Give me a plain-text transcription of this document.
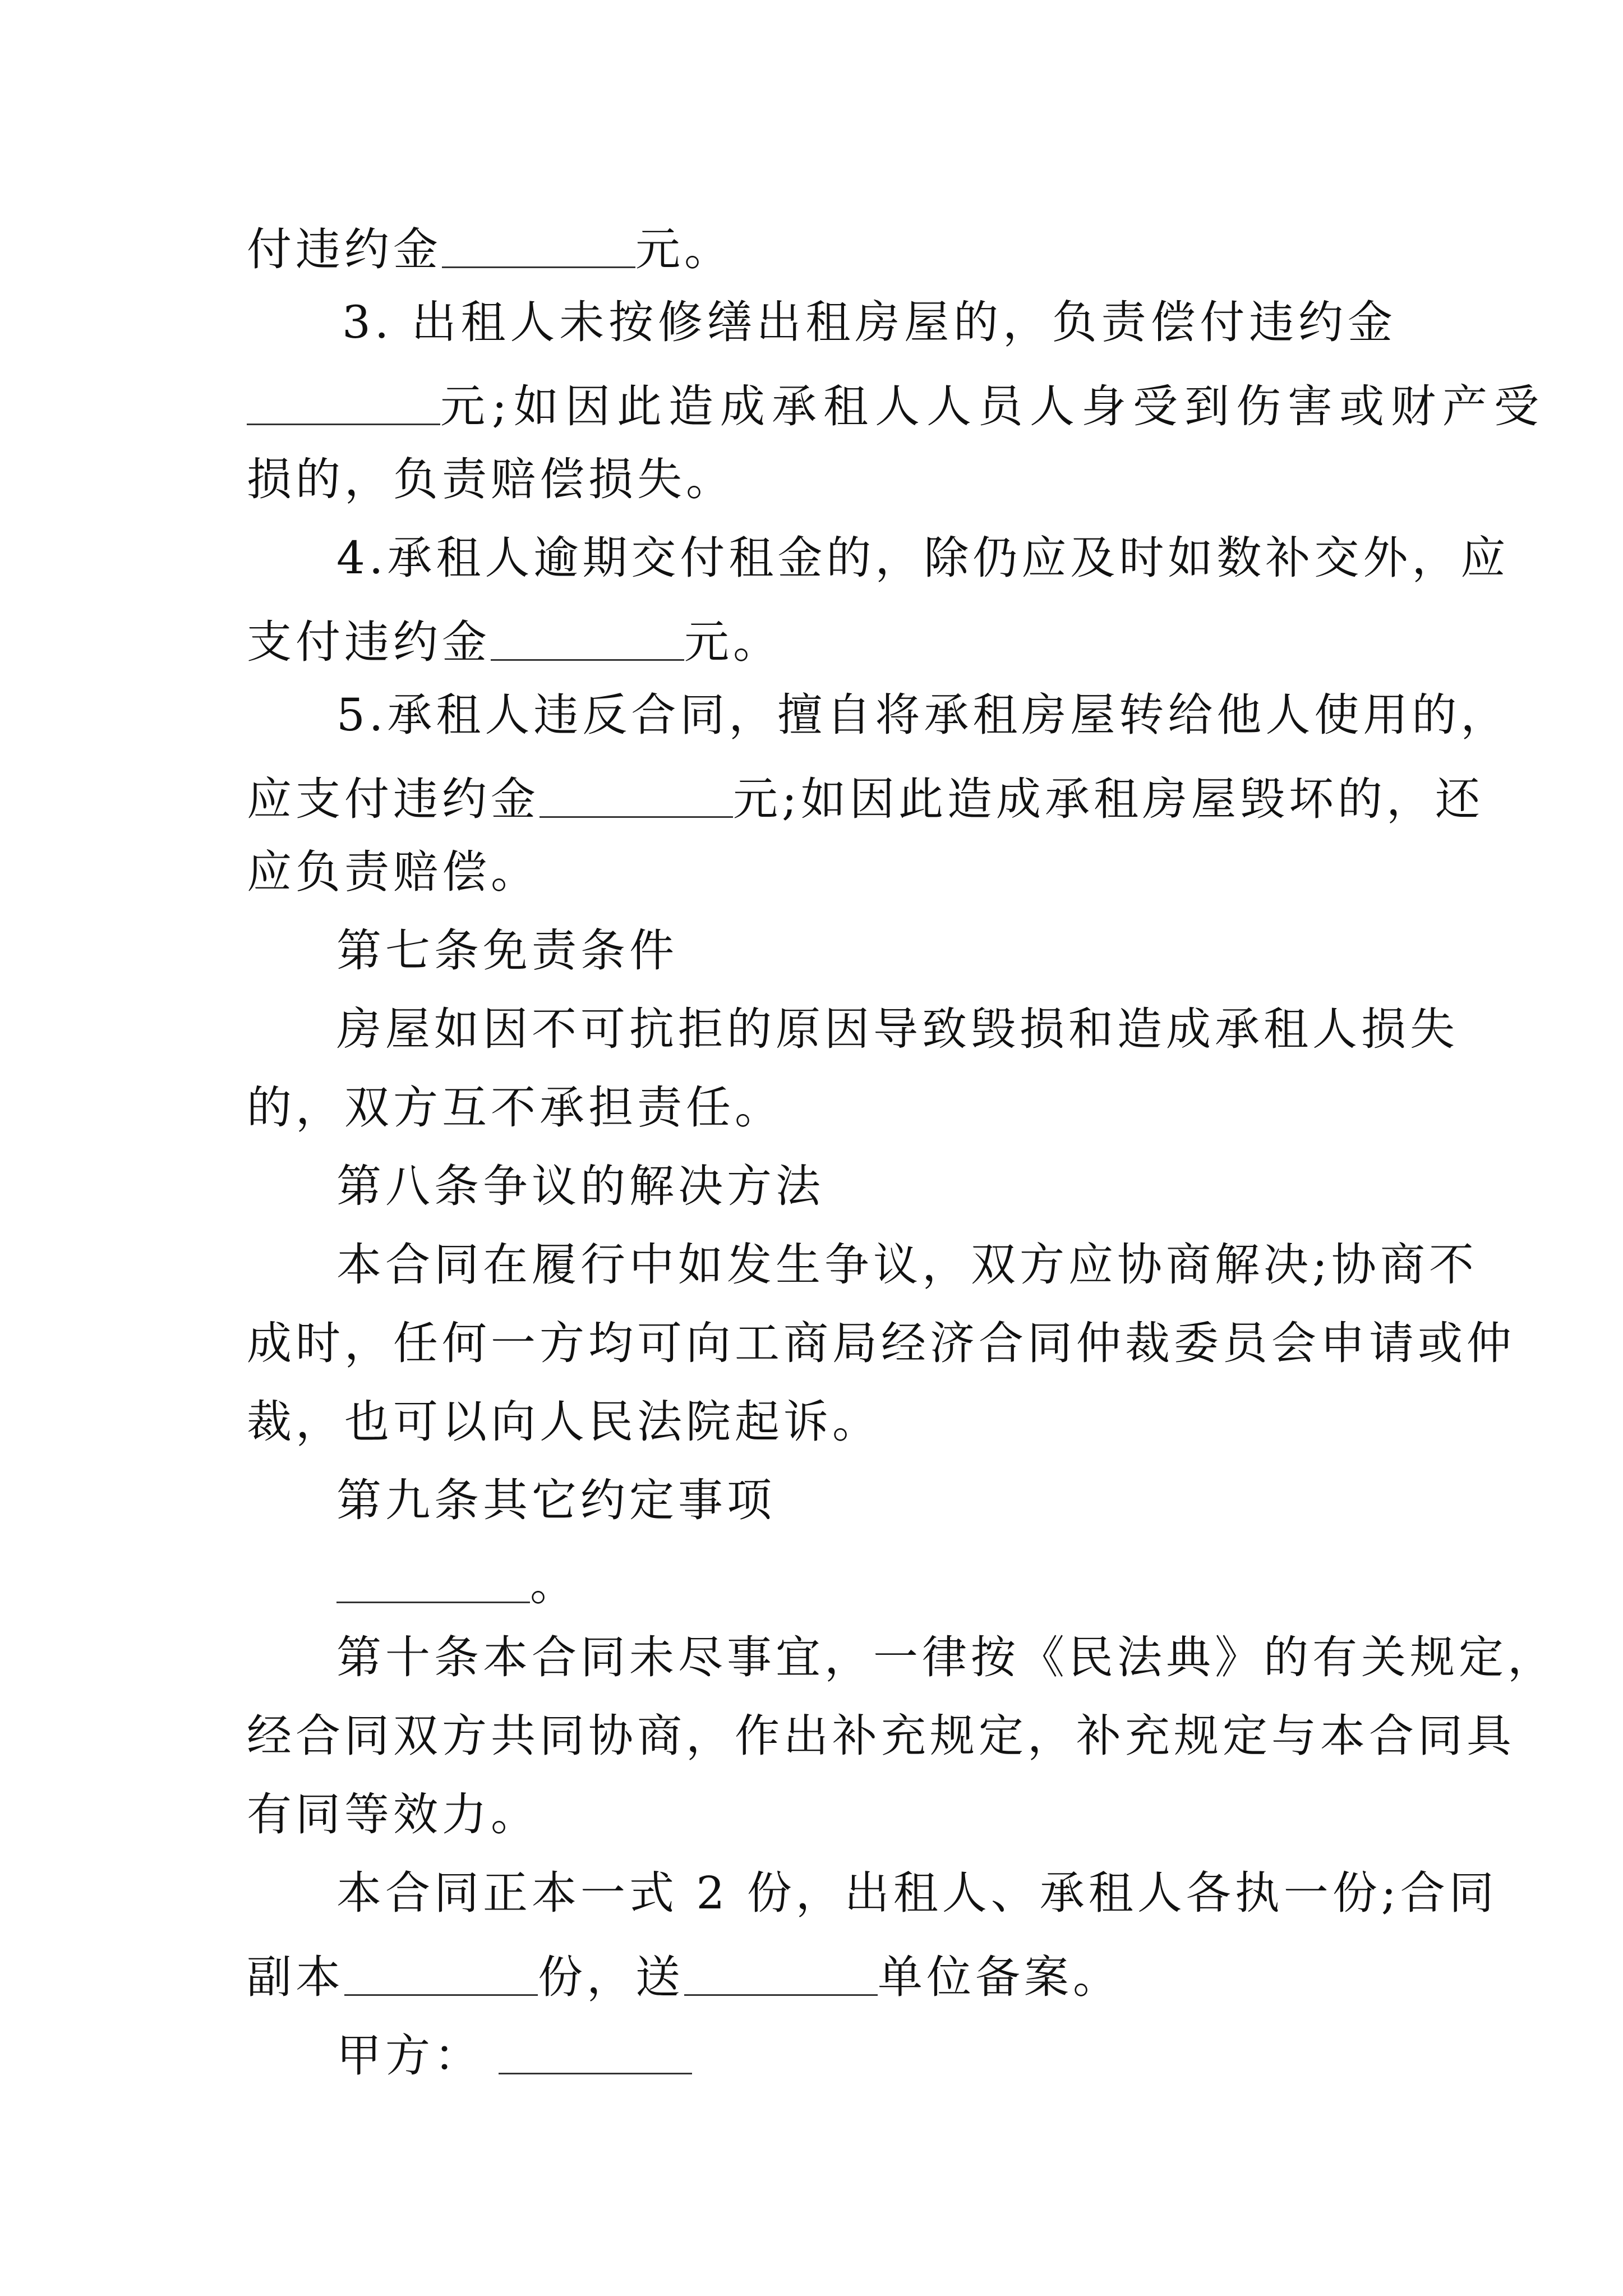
付违约金	元。
3. 出租人未按修缮出租房屋的，负责偿付违约金
元;如因此造成承租人人员人身受到伤害或财产受
损的，负责赔偿损失。
4.承租人逾期交付租金的，除仍应及时如数补交外，应
支付违约金	元。
5.承租人违反合同，擅自将承租房屋转给他人使用的，
应支付违约金	元;如因此造成承租房屋毁坏的，还
应负责赔偿。
第七条免责条件
房屋如因不可抗拒的原因导致毁损和造成承租人损失
的，双方互不承担责任。
第八条争议的解决方法
本合同在履行中如发生争议，双方应协商解决;协商不
成时，任何一方均可向工商局经济合同仲裁委员会申请或仲
裁，也可以向人民法院起诉。
第九条其它约定事项
。
第十条本合同未尽事宜，一律按《民法典》的有关规定，
经合同双方共同协商，作出补充规定，补充规定与本合同具
有同等效力。
本合同正本一式 2 份，出租人、承租人各执一份;合同
副本	份，送	单位备案。
甲方：
